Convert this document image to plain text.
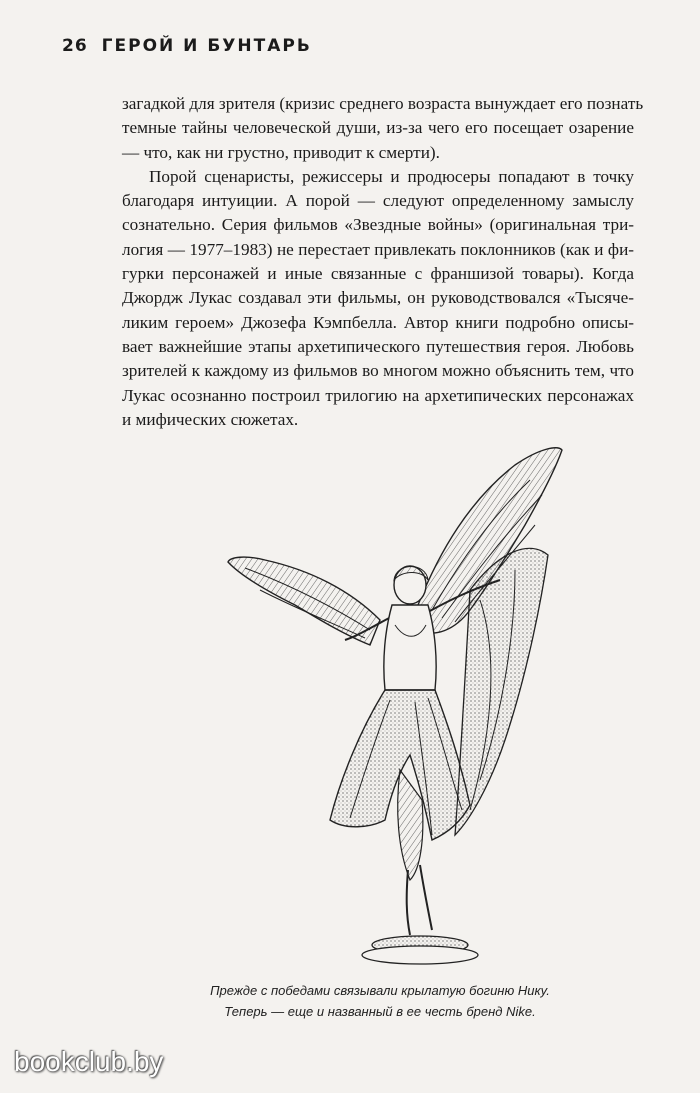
26 ГЕРОЙ И БУНТАРЬ
загадкой для зрителя (кризис среднего возраста вынуждает его познать
темные тайны человеческой души, из-за чего его посещает озарение
— что, как ни грустно, приводит к смерти).
Порой сценаристы, режиссеры и продюсеры попадают в точку
благодаря интуиции. А порой — следуют определенному замыслу
сознательно. Серия фильмов «Звездные войны» (оригинальная три-
логия — 1977–1983) не перестает привлекать поклонников (как и фи-
гурки персонажей и иные связанные с франшизой товары). Когда
Джордж Лукас создавал эти фильмы, он руководствовался «Тысяче-
ликим героем» Джозефа Кэмпбелла. Автор книги подробно описы-
вает важнейшие этапы архетипического путешествия героя. Любовь
зрителей к каждому из фильмов во многом можно объяснить тем, что
Лукас осознанно построил трилогию на архетипических персонажах
и мифических сюжетах.
Прежде с победами связывали крылатую богиню Нику.
Теперь — еще и названный в ее честь бренд Nike.
bookclub.by
